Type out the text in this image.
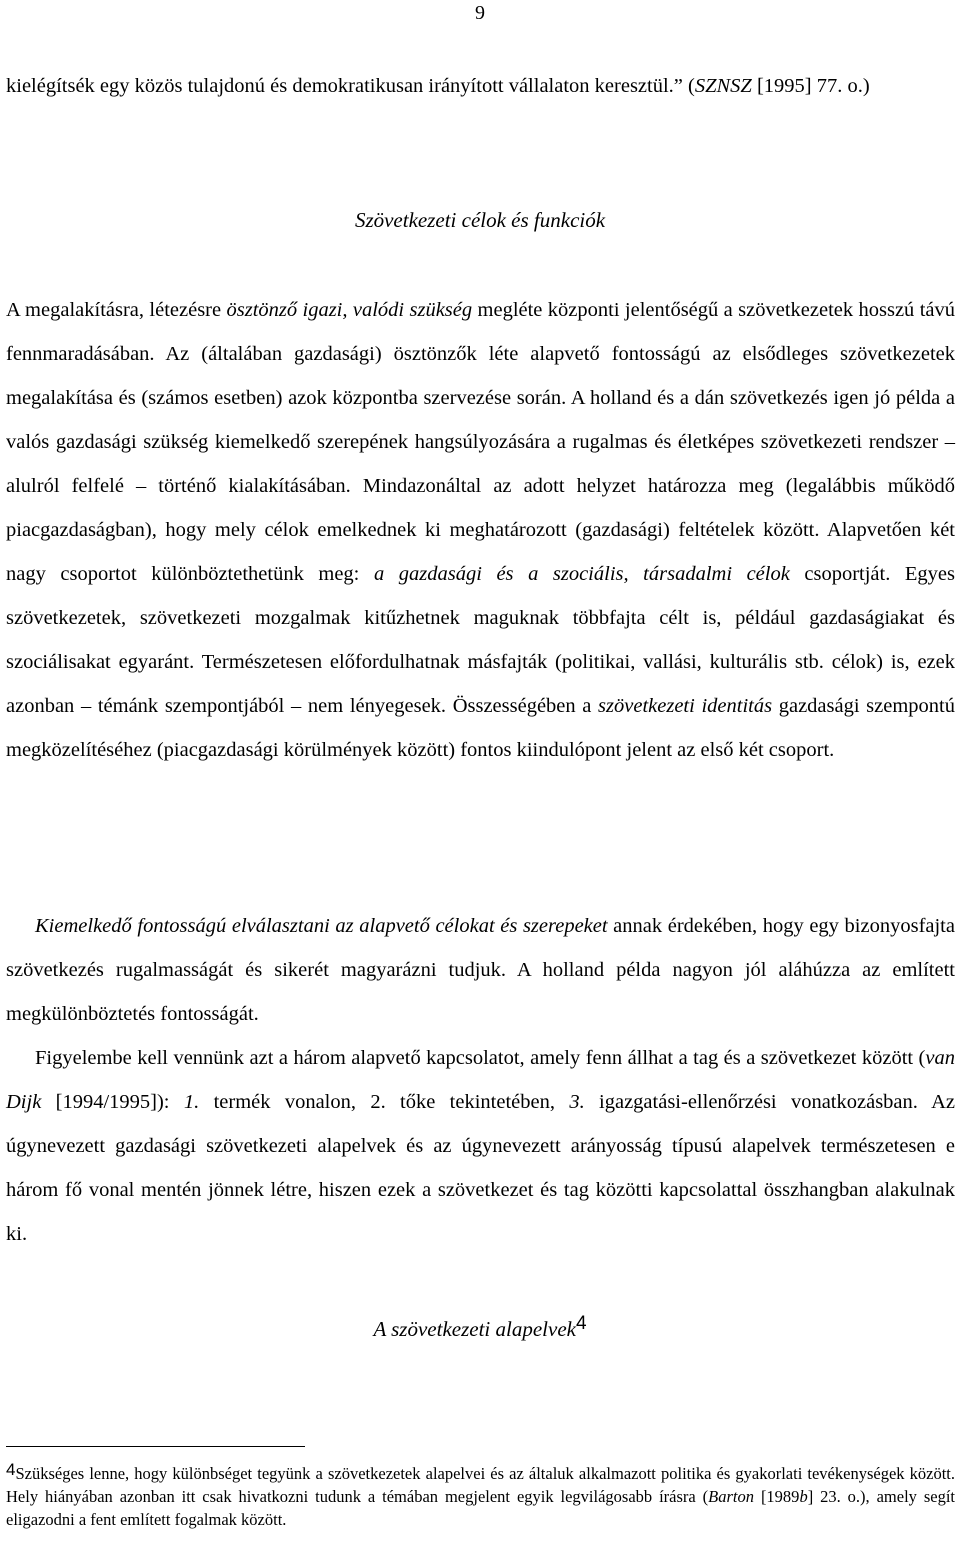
9
kielégítsék egy közös tulajdonú és demokratikusan irányított vállalaton keresztül.” (SZNSZ [1995] 77. o.)
Szövetkezeti célok és funkciók
A megalakításra, létezésre ösztönző igazi, valódi szükség megléte központi jelentőségű a szövetkezetek hosszú távú fennmaradásában. Az (általában gazdasági) ösztönzők léte alapvető fontosságú az elsődleges szövetkezetek megalakítása és (számos esetben) azok központba szervezése során. A holland és a dán szövetkezés igen jó példa a valós gazdasági szükség kiemelkedő szerepének hangsúlyozására a rugalmas és életképes szövetkezeti rendszer – alulról felfelé – történő kialakításában. Mindazonáltal az adott helyzet határozza meg (legalábbis működő piacgazdaságban), hogy mely célok emelkednek ki meghatározott (gazdasági) feltételek között. Alapvetően két nagy csoportot különböztethetünk meg: a gazdasági és a szociális, társadalmi célok csoportját. Egyes szövetkezetek, szövetkezeti mozgalmak kitűzhetnek maguknak többfajta célt is, például gazdaságiakat és szociálisakat egyaránt. Természetesen előfordulhatnak másfajták (politikai, vallási, kulturális stb. célok) is, ezek azonban – témánk szempontjából – nem lényegesek. Összességében a szövetkezeti identitás gazdasági szempontú megközelítéséhez (piacgazdasági körülmények között) fontos kiindulópont jelent az első két csoport.
Kiemelkedő fontosságú elválasztani az alapvető célokat és szerepeket annak érdekében, hogy egy bizonyosfajta szövetkezés rugalmasságát és sikerét magyarázni tudjuk. A holland példa nagyon jól aláhúzza az említett megkülönböztetés fontosságát.
Figyelembe kell vennünk azt a három alapvető kapcsolatot, amely fenn állhat a tag és a szövetkezet között (van Dijk [1994/1995]): 1. termék vonalon, 2. tőke tekintetében, 3. igazgatási-ellenőrzési vonatkozásban. Az úgynevezett gazdasági szövetkezeti alapelvek és az úgynevezett arányosság típusú alapelvek természetesen e három fő vonal mentén jönnek létre, hiszen ezek a szövetkezet és tag közötti kapcsolattal összhangban alakulnak ki.
A szövetkezeti alapelvek$^4$
4Szükséges lenne, hogy különbséget tegyünk a szövetkezetek alapelvei és az általuk alkalmazott politika és gyakorlati tevékenységek között. Hely hiányában azonban itt csak hivatkozni tudunk a témában megjelent egyik legvilágosabb írásra (Barton [1989b] 23. o.), amely segít eligazodni a fent említett fogalmak között.
